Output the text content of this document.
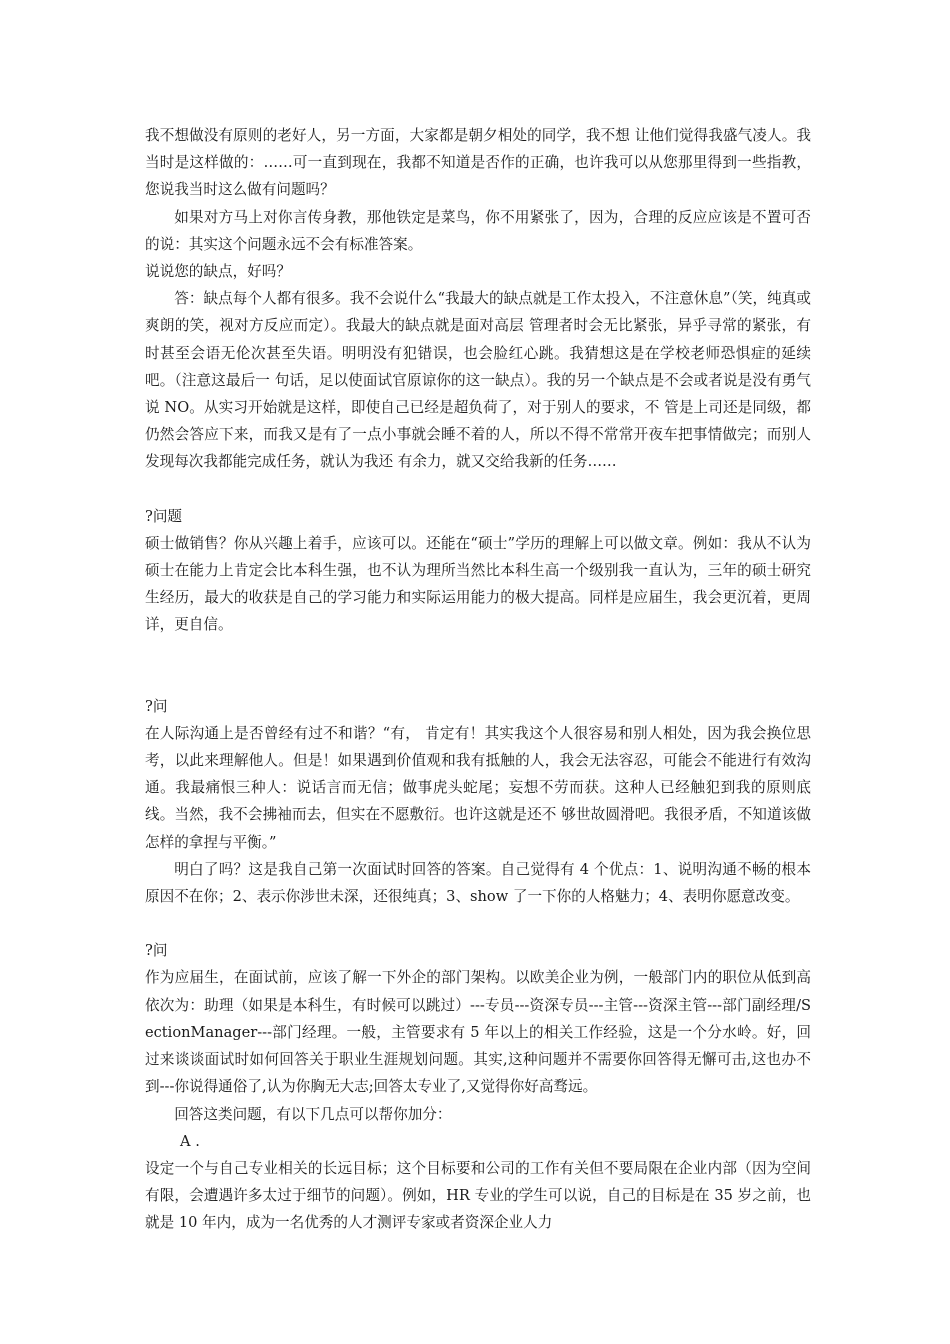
我不想做没有原则的老好人，另一方面，大家都是朝夕相处的同学，我不想 让他们觉得我盛气凌人。我当时是这样做的：……可一直到现在，我都不知道是否作的正确，也许我可以从您那里得到一些指教，您说我当时这么做有问题吗？

如果对方马上对你言传身教，那他铁定是菜鸟，你不用紧张了，因为，合理的反应应该是不置可否的说：其实这个问题永远不会有标准答案。

说说您的缺点，好吗？

答：缺点每个人都有很多。我不会说什么“我最大的缺点就是工作太投入，不注意休息”（笑，纯真或爽朗的笑，视对方反应而定）。我最大的缺点就是面对高层 管理者时会无比紧张，异乎寻常的紧张，有时甚至会语无伦次甚至失语。明明没有犯错误，也会脸红心跳。我猜想这是在学校老师恐惧症的延续吧。（注意这最后一 句话，足以使面试官原谅你的这一缺点）。我的另一个缺点是不会或者说是没有勇气说 NO。从实习开始就是这样，即使自己已经是超负荷了，对于别人的要求，不 管是上司还是同级，都仍然会答应下来，而我又是有了一点小事就会睡不着的人，所以不得不常常开夜车把事情做完；而别人发现每次我都能完成任务，就认为我还 有余力，就又交给我新的任务……

?问题

硕士做销售？你从兴趣上着手，应该可以。还能在“硕士”学历的理解上可以做文章。例如：我从不认为硕士在能力上肯定会比本科生强，也不认为理所当然比本科生高一个级别我一直认为，三年的硕士研究生经历，最大的收获是自己的学习能力和实际运用能力的极大提高。同样是应届生，我会更沉着，更周详，更自信。

?问

在人际沟通上是否曾经有过不和谐？“有， 肯定有！其实我这个人很容易和别人相处，因为我会换位思考，以此来理解他人。但是！如果遇到价值观和我有抵触的人，我会无法容忍，可能会不能进行有效沟 通。我最痛恨三种人：说话言而无信；做事虎头蛇尾；妄想不劳而获。这种人已经触犯到我的原则底线。当然，我不会拂袖而去，但实在不愿敷衍。也许这就是还不 够世故圆滑吧。我很矛盾，不知道该做怎样的拿捏与平衡。”

明白了吗？这是我自己第一次面试时回答的答案。自己觉得有 4 个优点：1、说明沟通不畅的根本原因不在你；2、表示你涉世未深，还很纯真；3、show 了一下你的人格魅力；4、表明你愿意改变。

?问

作为应届生，在面试前，应该了解一下外企的部门架构。以欧美企业为例，一般部门内的职位从低到高依次为：助理（如果是本科生，有时候可以跳过）---专员---资深专员---主管---资深主管---部门副经理/SectionManager---部门经理。一般，主管要求有 5 年以上的相关工作经验，这是一个分水岭。好，回过来谈谈面试时如何回答关于职业生涯规划问题。其实,这种问题并不需要你回答得无懈可击,这也办不到---你说得通俗了,认为你胸无大志;回答太专业了,又觉得你好高骛远。

回答这类问题，有以下几点可以帮你加分：

A .

设定一个与自己专业相关的长远目标；这个目标要和公司的工作有关但不要局限在企业内部（因为空间有限，会遭遇许多太过于细节的问题）。例如，HR 专业的学生可以说，自己的目标是在 35 岁之前，也就是 10 年内，成为一名优秀的人才测评专家或者资深企业人力
